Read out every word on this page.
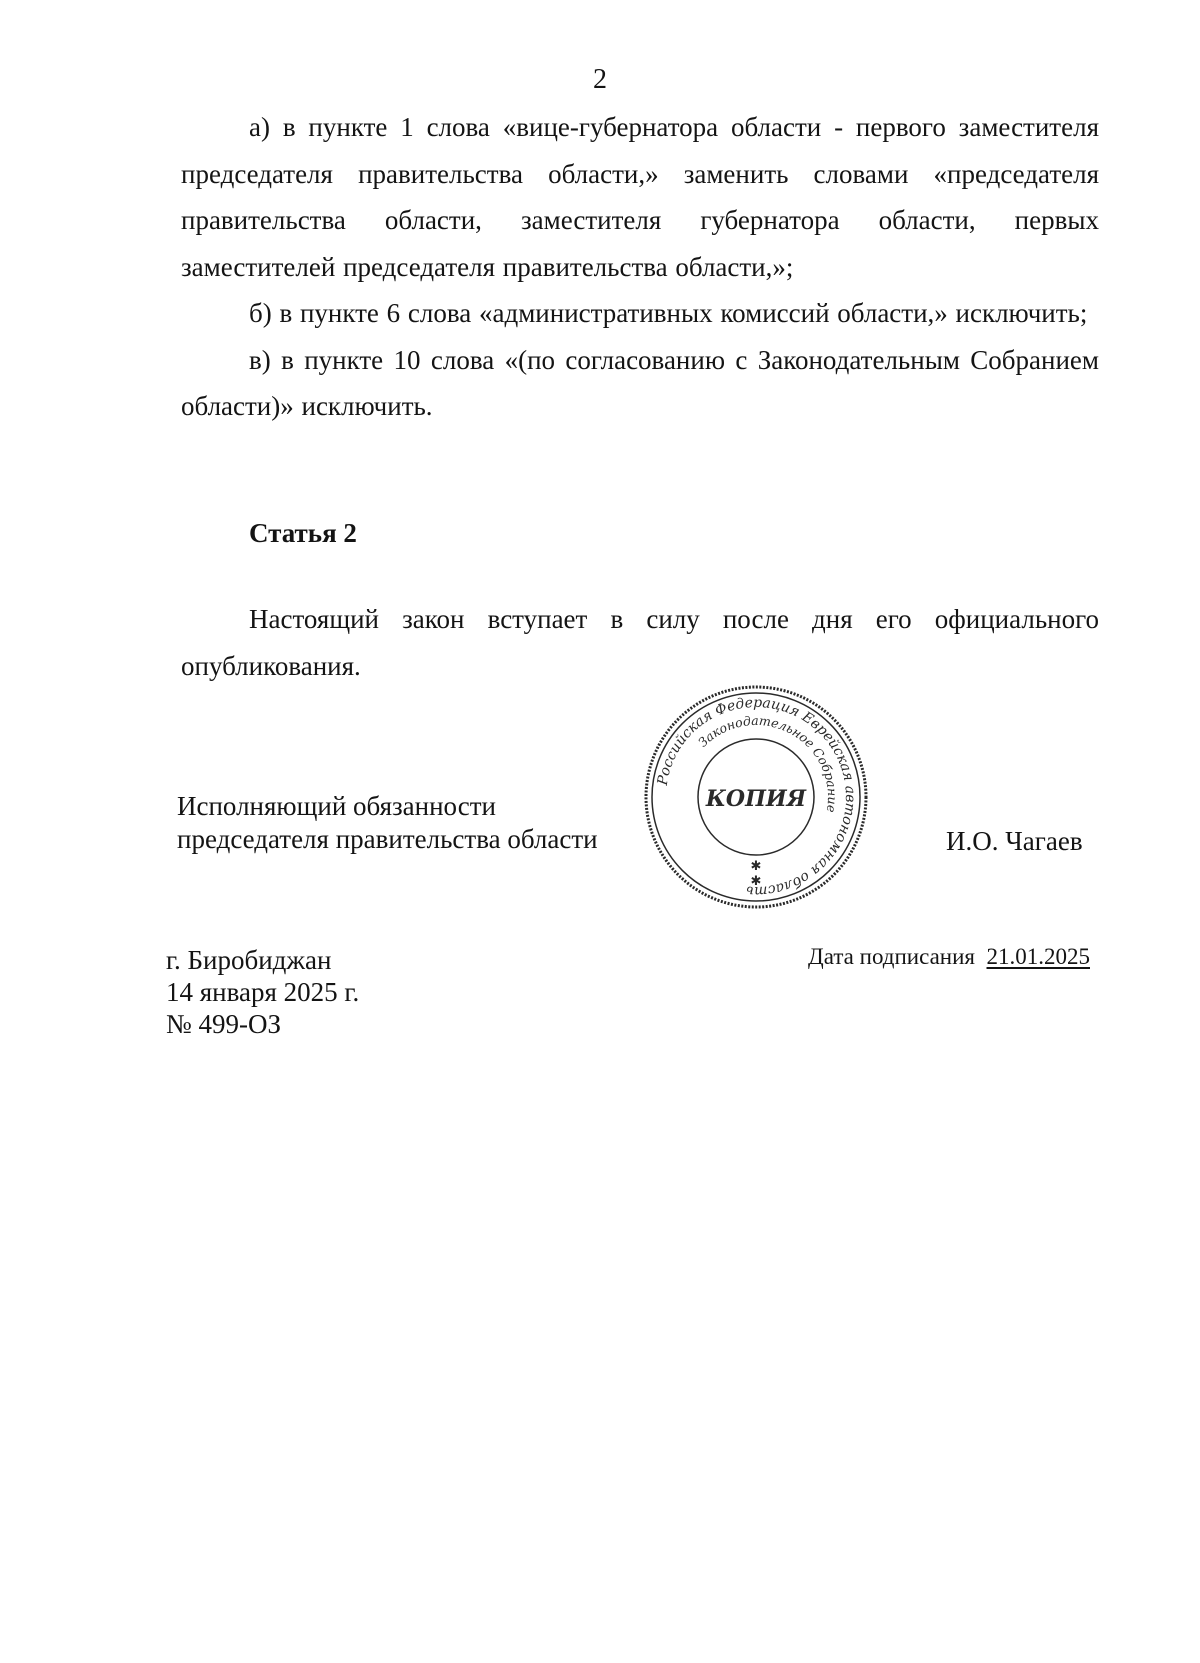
2

а) в пункте 1 слова «вице-губернатора области - первого заместителя председателя правительства области,» заменить словами «председателя правительства области, заместителя губернатора области, первых заместителей председателя правительства области,»;

б) в пункте 6 слова «административных комиссий области,» исключить;

в) в пункте 10 слова «(по согласованию с Законодательным Собранием области)» исключить.

Статья 2

Настоящий закон вступает в силу после дня его официального опубликования.

Исполняющий обязанности
председателя правительства области
Российская Федерация Еврейская автономная область
Законодательное Собрание
КОПИЯ
✱
✱
И.О. Чагаев
г. Биробиджан
14 января 2025 г.
№ 499-ОЗ
Дата подписания 21.01.2025
